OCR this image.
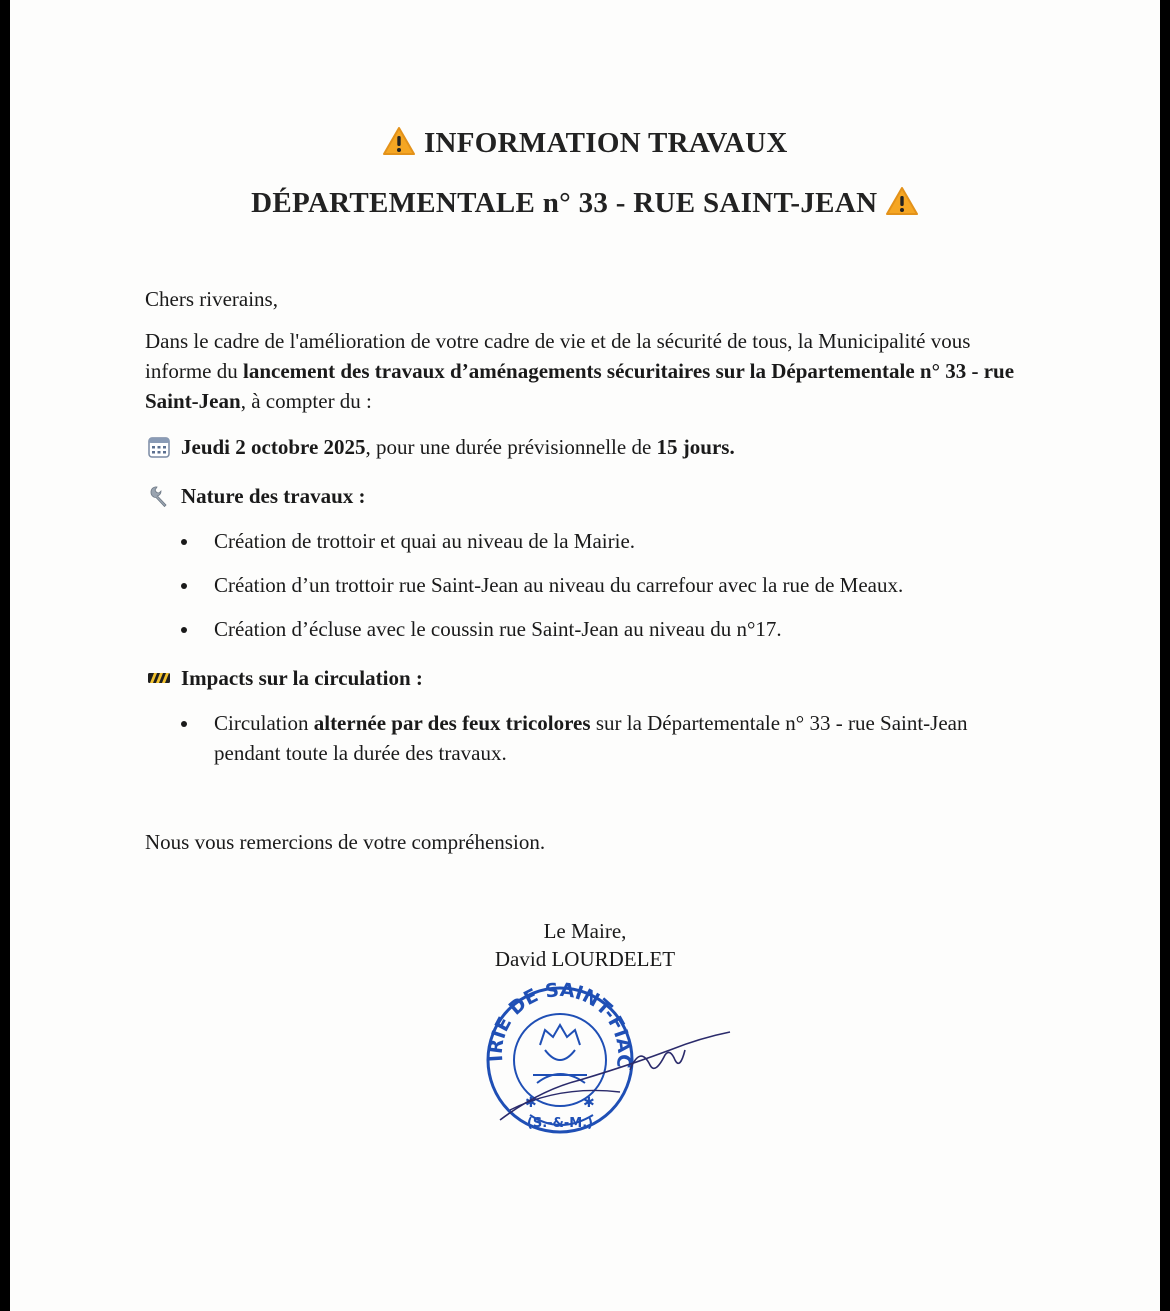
INFORMATION TRAVAUX
DÉPARTEMENTALE n° 33 - RUE SAINT-JEAN
Chers riverains,
Dans le cadre de l'amélioration de votre cadre de vie et de la sécurité de tous, la Municipalité vous informe du lancement des travaux d’aménagements sécuritaires sur la Départementale n° 33 - rue Saint-Jean, à compter du :
Jeudi 2 octobre 2025, pour une durée prévisionnelle de 15 jours.
Nature des travaux :
Création de trottoir et quai au niveau de la Mairie.
Création d’un trottoir rue Saint-Jean au niveau du carrefour avec la rue de Meaux.
Création d’écluse avec le coussin rue Saint-Jean au niveau du n°17.
Impacts sur la circulation :
Circulation alternée par des feux tricolores sur la Départementale n° 33 - rue Saint-Jean pendant toute la durée des travaux.
Nous vous remercions de votre compréhension.
Le Maire,
David LOURDELET
IRIE DE SAINT-FIAC
✱	✱
(S.-&-M.)
